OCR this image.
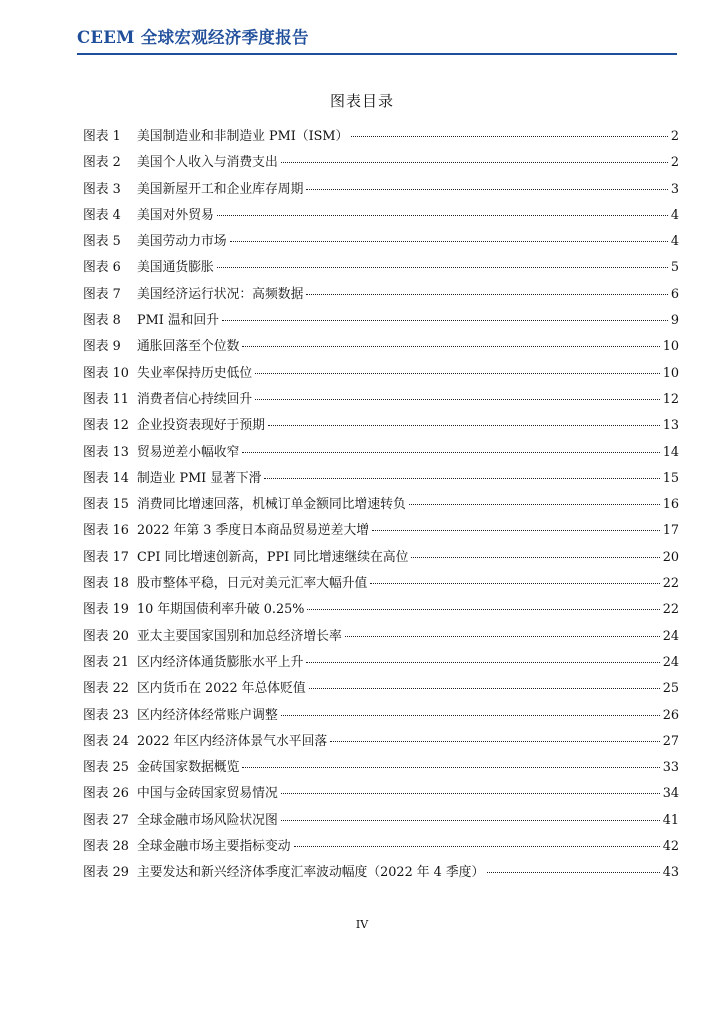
CEEM 全球宏观经济季度报告
图表目录
图表 1	美国制造业和非制造业 PMI（ISM）	2
图表 2	美国个人收入与消费支出	2
图表 3	美国新屋开工和企业库存周期	3
图表 4	美国对外贸易	4
图表 5	美国劳动力市场	4
图表 6	美国通货膨胀	5
图表 7	美国经济运行状况：高频数据	6
图表 8	PMI 温和回升	9
图表 9	通胀回落至个位数	10
图表 10 失业率保持历史低位	10
图表 11 消费者信心持续回升	12
图表 12 企业投资表现好于预期	13
图表 13 贸易逆差小幅收窄	14
图表 14 制造业 PMI 显著下滑	15
图表 15 消费同比增速回落，机械订单金额同比增速转负	16
图表 16 2022 年第 3 季度日本商品贸易逆差大增	17
图表 17 CPI 同比增速创新高，PPI 同比增速继续在高位	20
图表 18 股市整体平稳，日元对美元汇率大幅升值	22
图表 19 10 年期国债利率升破 0.25%	22
图表 20 亚太主要国家国别和加总经济增长率	24
图表 21 区内经济体通货膨胀水平上升	24
图表 22 区内货币在 2022 年总体贬值	25
图表 23 区内经济体经常账户调整	26
图表 24 2022 年区内经济体景气水平回落	27
图表 25 金砖国家数据概览	33
图表 26 中国与金砖国家贸易情况	34
图表 27 全球金融市场风险状况图	41
图表 28 全球金融市场主要指标变动	42
图表 29 主要发达和新兴经济体季度汇率波动幅度（2022 年 4 季度）	43
IV
